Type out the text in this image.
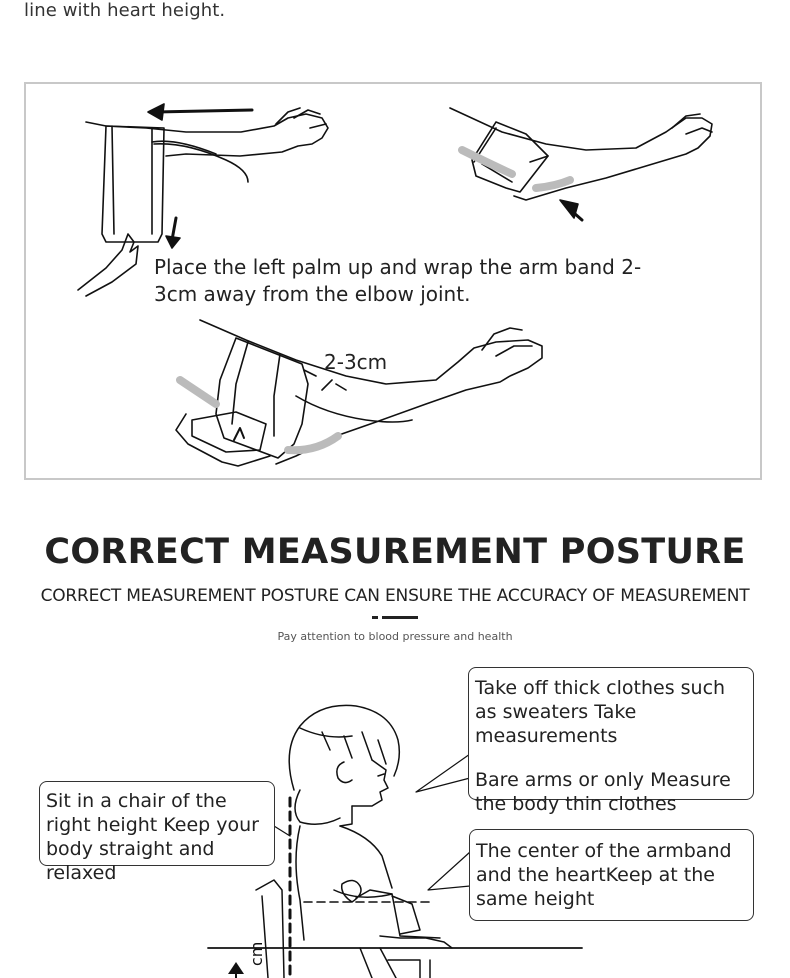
line with heart height.
Place the left palm up and wrap the arm band 2-3cm away from the elbow joint.
2-3cm
CORRECT MEASUREMENT POSTURE
CORRECT MEASUREMENT POSTURE CAN ENSURE THE ACCURACY OF MEASUREMENT
Pay attention to blood pressure and health
cm

Take off thick clothes such as sweaters Take measurements

Bare arms or only Measure the body thin clothes

Sit in a chair of the right height Keep your body straight and relaxed

The center of the armband and the heartKeep at the same height
